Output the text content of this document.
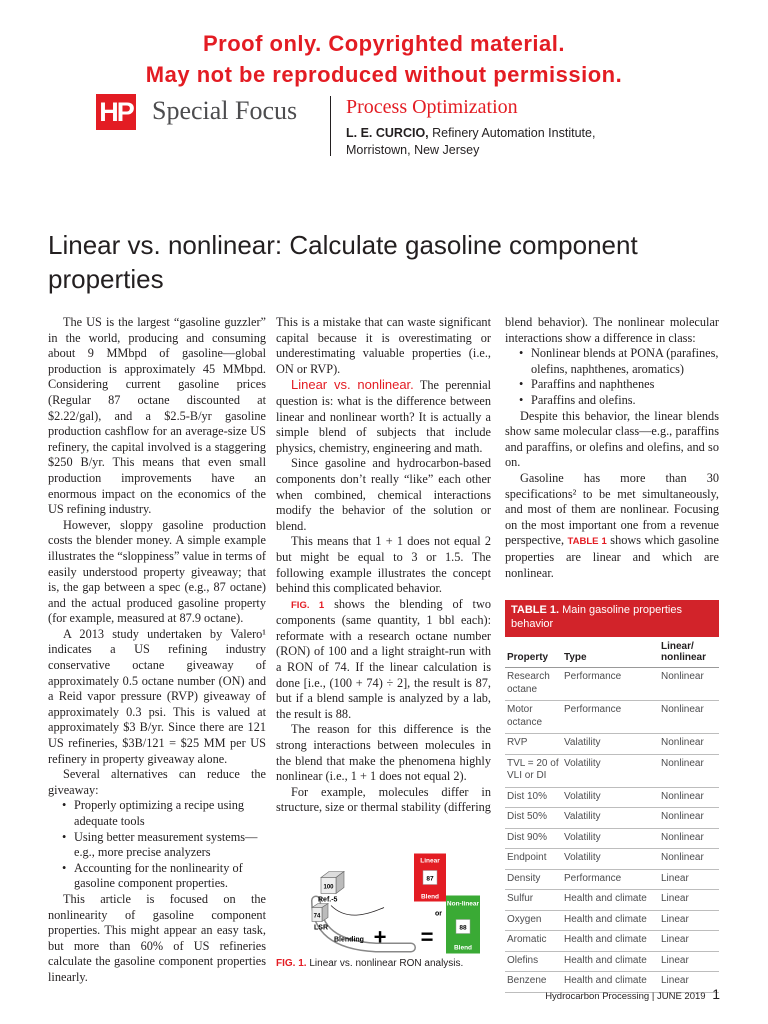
Proof only. Copyrighted material.
May not be reproduced without permission.
HP Special Focus Process Optimization
L. E. CURCIO, Refinery Automation Institute,
Morristown, New Jersey
Linear vs. nonlinear: Calculate gasoline component properties

The US is the largest “gasoline guzzler” in the world, producing and consuming about 9 MMbpd of gasoline—global production is approximately 45 MMbpd. Considering current gasoline prices (Regular 87 octane discounted at $2.22/gal), and a $2.5-B/yr gasoline production cashflow for an average-size US refinery, the capital involved is a staggering $250 B/yr. This means that even small production improvements have an enormous impact on the economics of the US refining industry.

However, sloppy gasoline production costs the blender money. A simple example illustrates the “sloppiness” value in terms of easily understood property giveaway; that is, the gap between a spec (e.g., 87 octane) and the actual produced gasoline property (for example, measured at 87.9 octane).

A 2013 study undertaken by Valero¹ indicates a US refining industry conservative octane giveaway of approximately 0.5 octane number (ON) and a Reid vapor pressure (RVP) giveaway of approximately 0.3 psi. This is valued at approximately $3 B/yr. Since there are 121 US refineries, $3B/121 = $25 MM per US refinery in property giveaway alone.

Several alternatives can reduce the giveaway:

• Properly optimizing a recipe using adequate tools
• Using better measurement systems—e.g., more precise analyzers
• Accounting for the nonlinearity of gasoline component properties.

This article is focused on the nonlinearity of gasoline component properties. This might appear an easy task, but more than 60% of US refineries calculate the gasoline component properties linearly.

This is a mistake that can waste significant capital because it is overestimating or underestimating valuable properties (i.e., ON or RVP).

Linear vs. nonlinear. The perennial question is: what is the difference between linear and nonlinear worth? It is actually a simple blend of subjects that include physics, chemistry, engineering and math.

Since gasoline and hydrocarbon-based components don’t really “like” each other when combined, chemical interactions modify the behavior of the solution or blend.

This means that 1 + 1 does not equal 2 but might be equal to 3 or 1.5. The following example illustrates the concept behind this complicated behavior.

FIG. 1 shows the blending of two components (same quantity, 1 bbl each): reformate with a research octane number (RON) of 100 and a light straight-run with a RON of 74. If the linear calculation is done [i.e., (100 + 74) ÷ 2], the result is 87, but if a blend sample is analyzed by a lab, the result is 88.

The reason for this difference is the strong interactions between molecules in the blend that make the phenomena highly nonlinear (i.e., 1 + 1 does not equal 2).

For example, molecules differ in structure, size or thermal stability (differing

100
Ref.-5
74
LSR
Blending + =
87
Linear
Blend
or
88
Non-linear
Blend
FIG. 1. Linear vs. nonlinear RON analysis.

blend behavior). The nonlinear molecular interactions show a difference in class:

• Nonlinear blends at PONA (parafines, olefins, naphthenes, aromatics)
• Paraffins and naphthenes
• Paraffins and olefins.

Despite this behavior, the linear blends show same molecular class—e.g., paraffins and paraffins, or olefins and olefins, and so on.

Gasoline has more than 30 specifications² to be met simultaneously, and most of them are nonlinear. Focusing on the most important one from a revenue perspective, TABLE 1 shows which gasoline properties are linear and which are nonlinear.

TABLE 1. Main gasoline properties behavior
Property	Type
Linear/
nonlinear
Research octane
Performance	Nonlinear
Motor octance
Performance	Nonlinear
RVP	Valatility	Nonlinear
TVL = 20 of VLI or DI
Volatility	Nonlinear
Dist 10%	Volatility	Nonlinear
Dist 50%	Valatility	Nonlinear
Dist 90%	Volatility	Nonlinear
Endpoint	Volatility	Nonlinear
Density	Performance	Linear
Sulfur	Health and climate	Linear
Oxygen	Health and climate	Linear
Aromatic	Health and climate	Linear
Olefins	Health and climate	Linear
Benzene	Health and climate	Linear
Hydrocarbon Processing | JUNE 2019 1
